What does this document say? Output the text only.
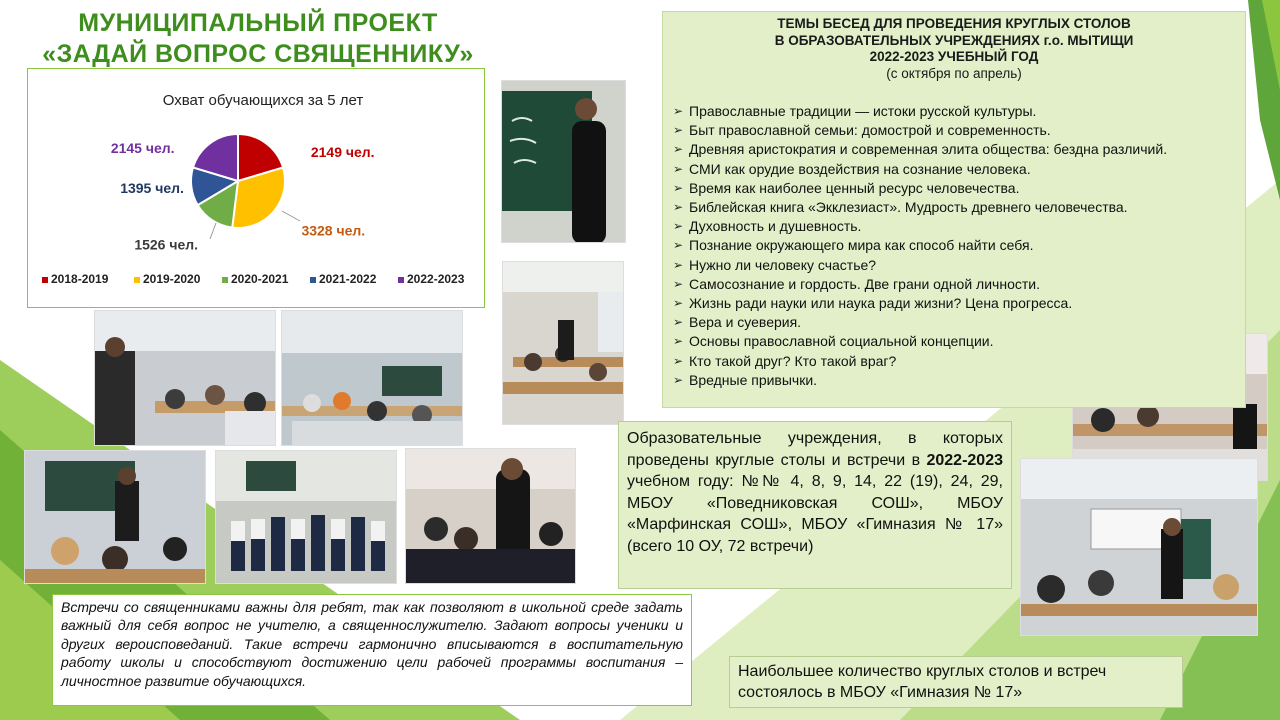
МУНИЦИПАЛЬНЫЙ ПРОЕКТ
«ЗАДАЙ ВОПРОС СВЯЩЕННИКУ»
Охват обучающихся за 5 лет
2149 чел.
3328 чел.
1526 чел.
1395 чел.
2145 чел.
2018-2019	2019-2020	2020-2021	2021-2022	2022-2023
ТЕМЫ БЕСЕД ДЛЯ ПРОВЕДЕНИЯ КРУГЛЫХ СТОЛОВ
В ОБРАЗОВАТЕЛЬНЫХ УЧРЕЖДЕНИЯХ г.о. МЫТИЩИ
2022-2023 УЧЕБНЫЙ ГОД
(с октября по апрель)
➢ Православные традиции — истоки русской культуры.
➢ Быт православной семьи: домострой и современность.
➢ Древняя аристократия и современная элита общества: бездна различий.
➢ СМИ как орудие воздействия на сознание человека.
➢ Время как наиболее ценный ресурс человечества.
➢ Библейская книга «Экклезиаст». Мудрость древнего человечества.
➢ Духовность и душевность.
➢ Познание окружающего мира как способ найти себя.
➢ Нужно ли человеку счастье?
➢ Самосознание и гордость. Две грани одной личности.
➢ Жизнь ради науки или наука ради жизни? Цена прогресса.
➢ Вера и суеверия.
➢ Основы православной социальной концепции.
➢ Кто такой друг? Кто такой враг?
➢ Вредные привычки.
Образовательные учреждения, в которых проведены круглые столы и встречи в 2022-2023 учебном году: №№ 4, 8, 9, 14, 22 (19), 24, 29, МБОУ «Поведниковская СОШ», МБОУ «Марфинская СОШ», МБОУ «Гимназия № 17» (всего 10 ОУ, 72 встречи)
Встречи со священниками важны для ребят, так как позволяют в школьной среде задать важный для себя вопрос не учителю, а священнослужителю. Задают вопросы ученики и других вероисповеданий. Такие встречи гармонично вписываются в воспитательную работу школы и способствуют достижению цели рабочей программы воспитания – личностное развитие обучающихся.
Наибольшее количество круглых столов и встреч состоялось в МБОУ «Гимназия № 17»
